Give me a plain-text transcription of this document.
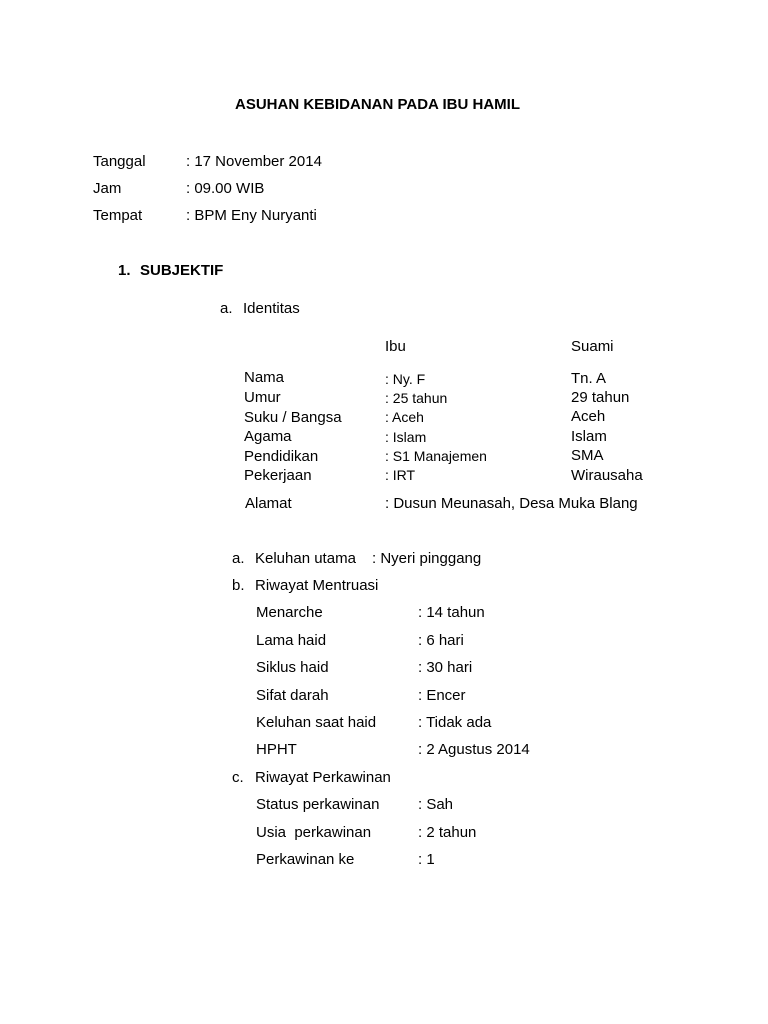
ASUHAN KEBIDANAN PADA IBU HAMIL
Tanggal	: 17 November 2014
Jam	: 09.00 WIB
Tempat	: BPM Eny Nuryanti
1. SUBJEKTIF
a. Identitas
Ibu	Suami
Nama	: Ny. F	Tn. A
Umur	: 25 tahun	29 tahun
Suku / Bangsa	: Aceh	Aceh
Agama	: Islam	Islam
Pendidikan	: S1 Manajemen	SMA
Pekerjaan	: IRT	Wirausaha
Alamat	: Dusun Meunasah, Desa Muka Blang
a. Keluhan utama : Nyeri pinggang
b. Riwayat Mentruasi
Menarche	: 14 tahun
Lama haid	: 6 hari
Siklus haid	: 30 hari
Sifat darah	: Encer
Keluhan saat haid	: Tidak ada
HPHT	: 2 Agustus 2014
c. Riwayat Perkawinan
Status perkawinan	: Sah
Usia  perkawinan	: 2 tahun
Perkawinan ke	: 1
